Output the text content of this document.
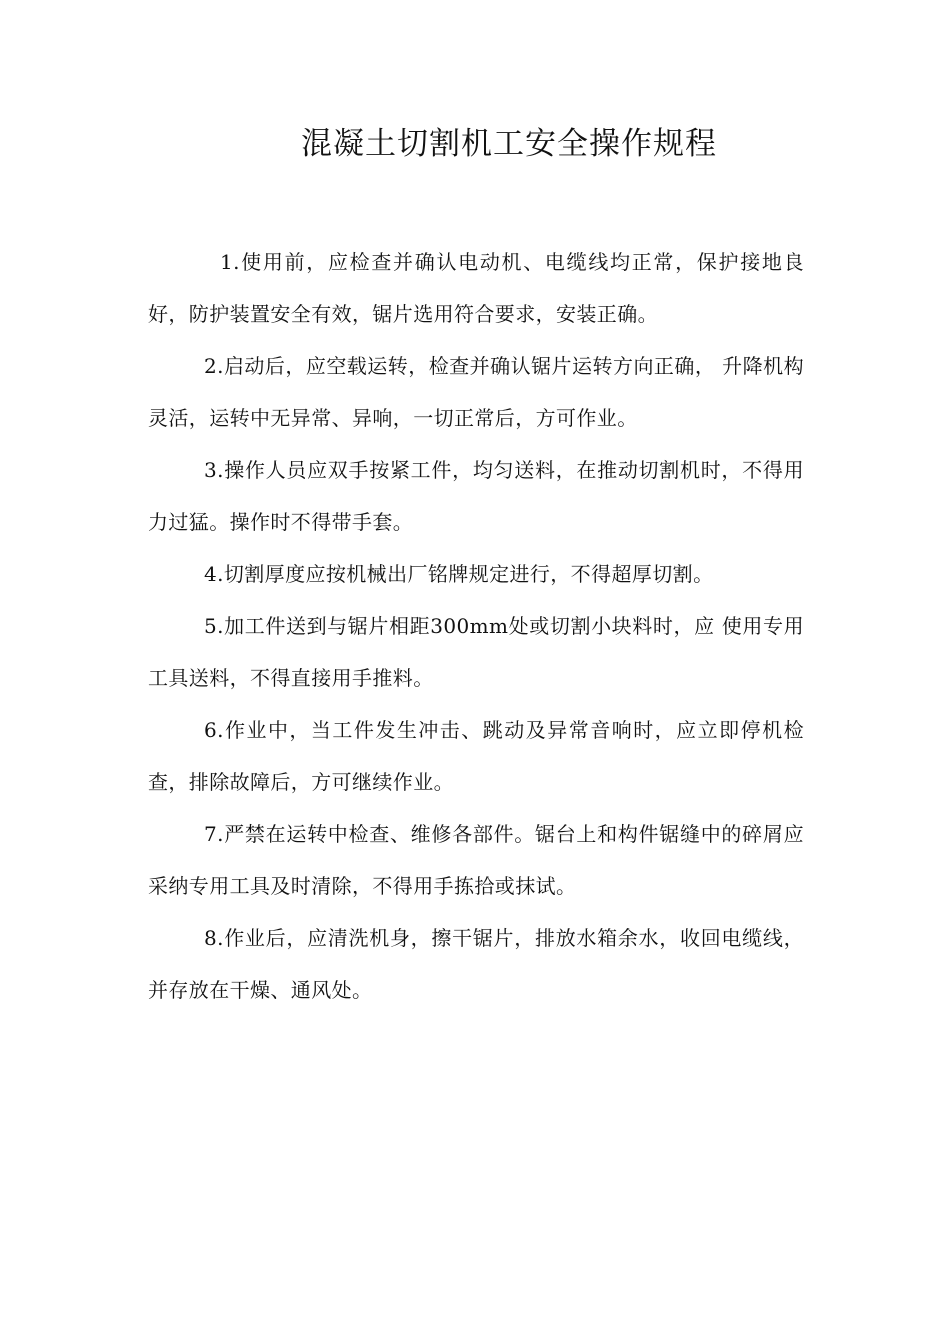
混凝土切割机工安全操作规程

1.使用前，应检查并确认电动机、电缆线均正常，保护接地良好，防护装置安全有效，锯片选用符合要求，安装正确。

2.启动后，应空载运转，检查并确认锯片运转方向正确， 升降机构灵活，运转中无异常、异响，一切正常后，方可作业。

3.操作人员应双手按紧工件，均匀送料，在推动切割机时，不得用力过猛。操作时不得带手套。

4.切割厚度应按机械出厂铭牌规定进行，不得超厚切割。

5.加工件送到与锯片相距300mm处或切割小块料时，应 使用专用工具送料，不得直接用手推料。

6.作业中，当工件发生冲击、跳动及异常音响时，应立即停机检查，排除故障后，方可继续作业。

7.严禁在运转中检查、维修各部件。锯台上和构件锯缝中的碎屑应采纳专用工具及时清除，不得用手拣拾或抹试。

8.作业后，应清洗机身，擦干锯片，排放水箱余水，收回电缆线，并存放在干燥、通风处。
